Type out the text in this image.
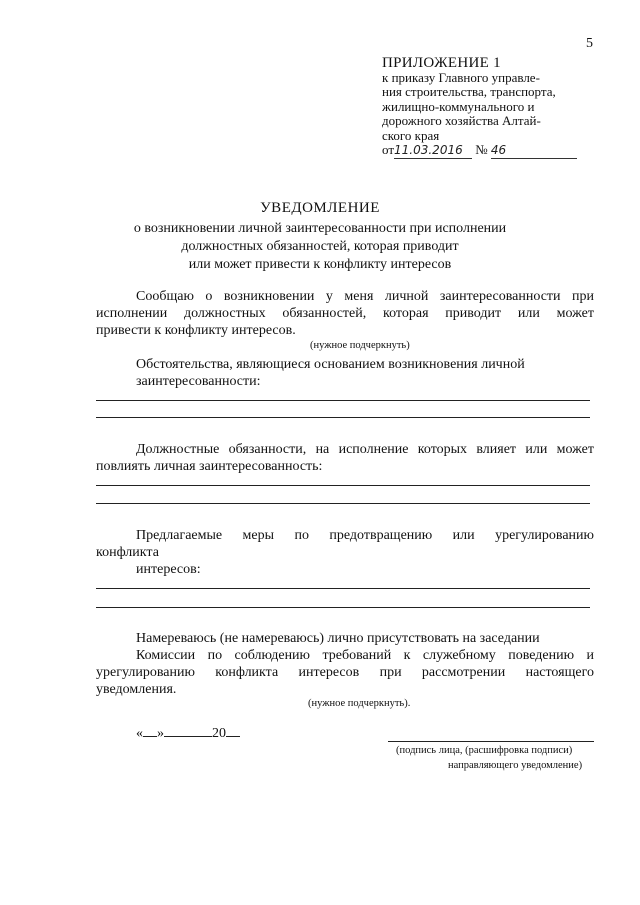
5
ПРИЛОЖЕНИЕ 1
к приказу Главного управле-
ния строительства, транспорта,
жилищно-коммунального и
дорожного хозяйства Алтай-
ского края
от11.03.2016 № 46
УВЕДОМЛЕНИЕ
о возникновении личной заинтересованности при исполнении
должностных обязанностей, которая приводит
или может привести к конфликту интересов
Сообщаю о возникновении у меня личной заинтересованности при
исполнении должностных обязанностей, которая приводит или может
привести к конфликту интересов.
(нужное подчеркнуть)
Обстоятельства, являющиеся основанием возникновения личной
заинтересованности:
Должностные обязанности, на исполнение которых влияет или может
повлиять личная заинтересованность:
Предлагаемые меры по предотвращению или урегулированию
конфликта
интересов:
Намереваюсь (не намереваюсь) лично присутствовать на заседании
Комиссии по соблюдению требований к служебному поведению и
урегулированию конфликта интересов при рассмотрении настоящего
уведомления.
(нужное подчеркнуть).
« »	20
(подпись лица, (расшифровка подписи)
направляющего уведомление)
